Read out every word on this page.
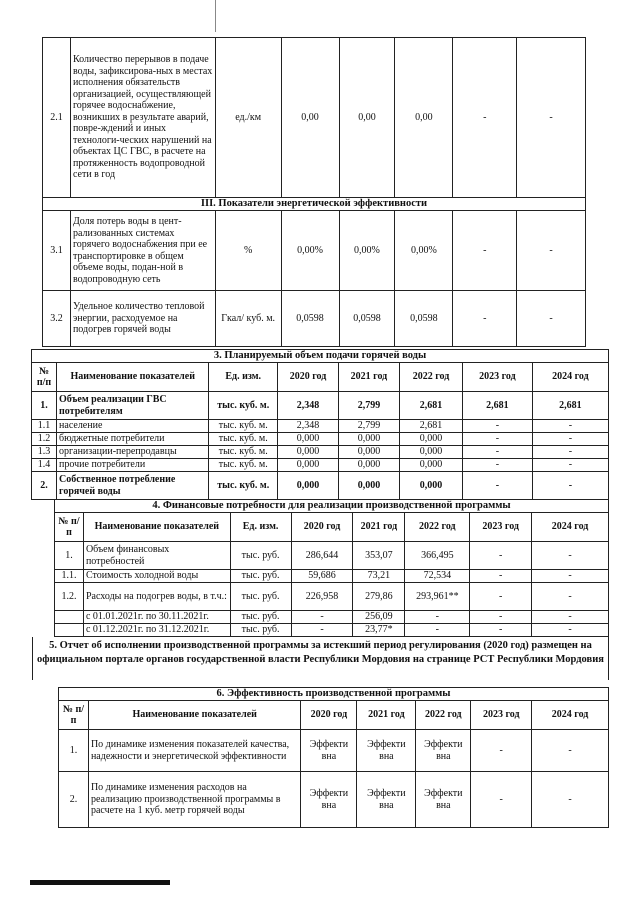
2.1	Количество перерывов в подаче воды, зафиксирова-ных в местах исполнения обязательств организацией, осуществляющей горячее водоснабжение, возникших в результате аварий, повре-ждений и иных технологи-ческих нарушений на объектах ЦС ГВС, в расчете на протяженность водопроводной сети в год	ед./км	0,00	0,00	0,00	-	-
III. Показатели энергетической эффективности							
3.1	Доля потерь воды в цент-рализованных системах горячего водоснабжения при ее транспортировке в общем объеме воды, подан-ной в водопроводную сеть	%	0,00%	0,00%	0,00%	-	-
3.2	Удельное количество тепловой энергии, расходуемое на подогрев горячей воды	Гкал/ куб. м.	0,0598	0,0598	0,0598	-	-
3. Планируемый объем подачи горячей воды							
№ п/п	Наименование показателей	Ед. изм.	2020 год	2021 год	2022 год	2023 год	2024 год
1.	Объем реализации ГВС потребителям	тыс. куб. м.	2,348	2,799	2,681	2,681	2,681
1.1	население	тыс. куб. м.	2,348	2,799	2,681	-	-
1.2	бюджетные потребители	тыс. куб. м.	0,000	0,000	0,000	-	-
1.3	организации-перепродавцы	тыс. куб. м.	0,000	0,000	0,000	-	-
1.4	прочие потребители	тыс. куб. м.	0,000	0,000	0,000	-	-
2.	Собственное потребление горячей воды	тыс. куб. м.	0,000	0,000	0,000	-	-
4. Финансовые потребности для реализации производственной программы							
№ п/п	Наименование показателей	Ед. изм.	2020 год	2021 год	2022 год	2023 год	2024 год
1.	Объем финансовых потребностей	тыс. руб.	286,644	353,07	366,495	-	-
1.1.	Стоимость холодной воды	тыс. руб.	59,686	73,21	72,534	-	-
1.2.	Расходы на подогрев воды, в т.ч.:	тыс. руб.	226,958	279,86	293,961**	-	-
	с 01.01.2021г. по 30.11.2021г.	тыс. руб.	-	256,09	-	-	-
	с 01.12.2021г. по 31.12.2021г.	тыс. руб.	-	23,77*	-	-	-
5. Отчет об исполнении производственной программы за истекший период регулирования (2020 год) размещен на официальном портале органов государственной власти Республики Мордовия на странице РСТ Республики Мордовия
6. Эффективность производственной программы						
№ п/п	Наименование показателей	2020 год	2021 год	2022 год	2023 год	2024 год
1.	По динамике изменения показателей качества, надежности и энергетической эффективности	Эффекти вна	Эффекти вна	Эффекти вна	-	-
2.	По динамике изменения расходов на реализацию производственной программы в расчете на 1 куб. метр горячей воды	Эффекти вна	Эффекти вна	Эффекти вна	-	-
